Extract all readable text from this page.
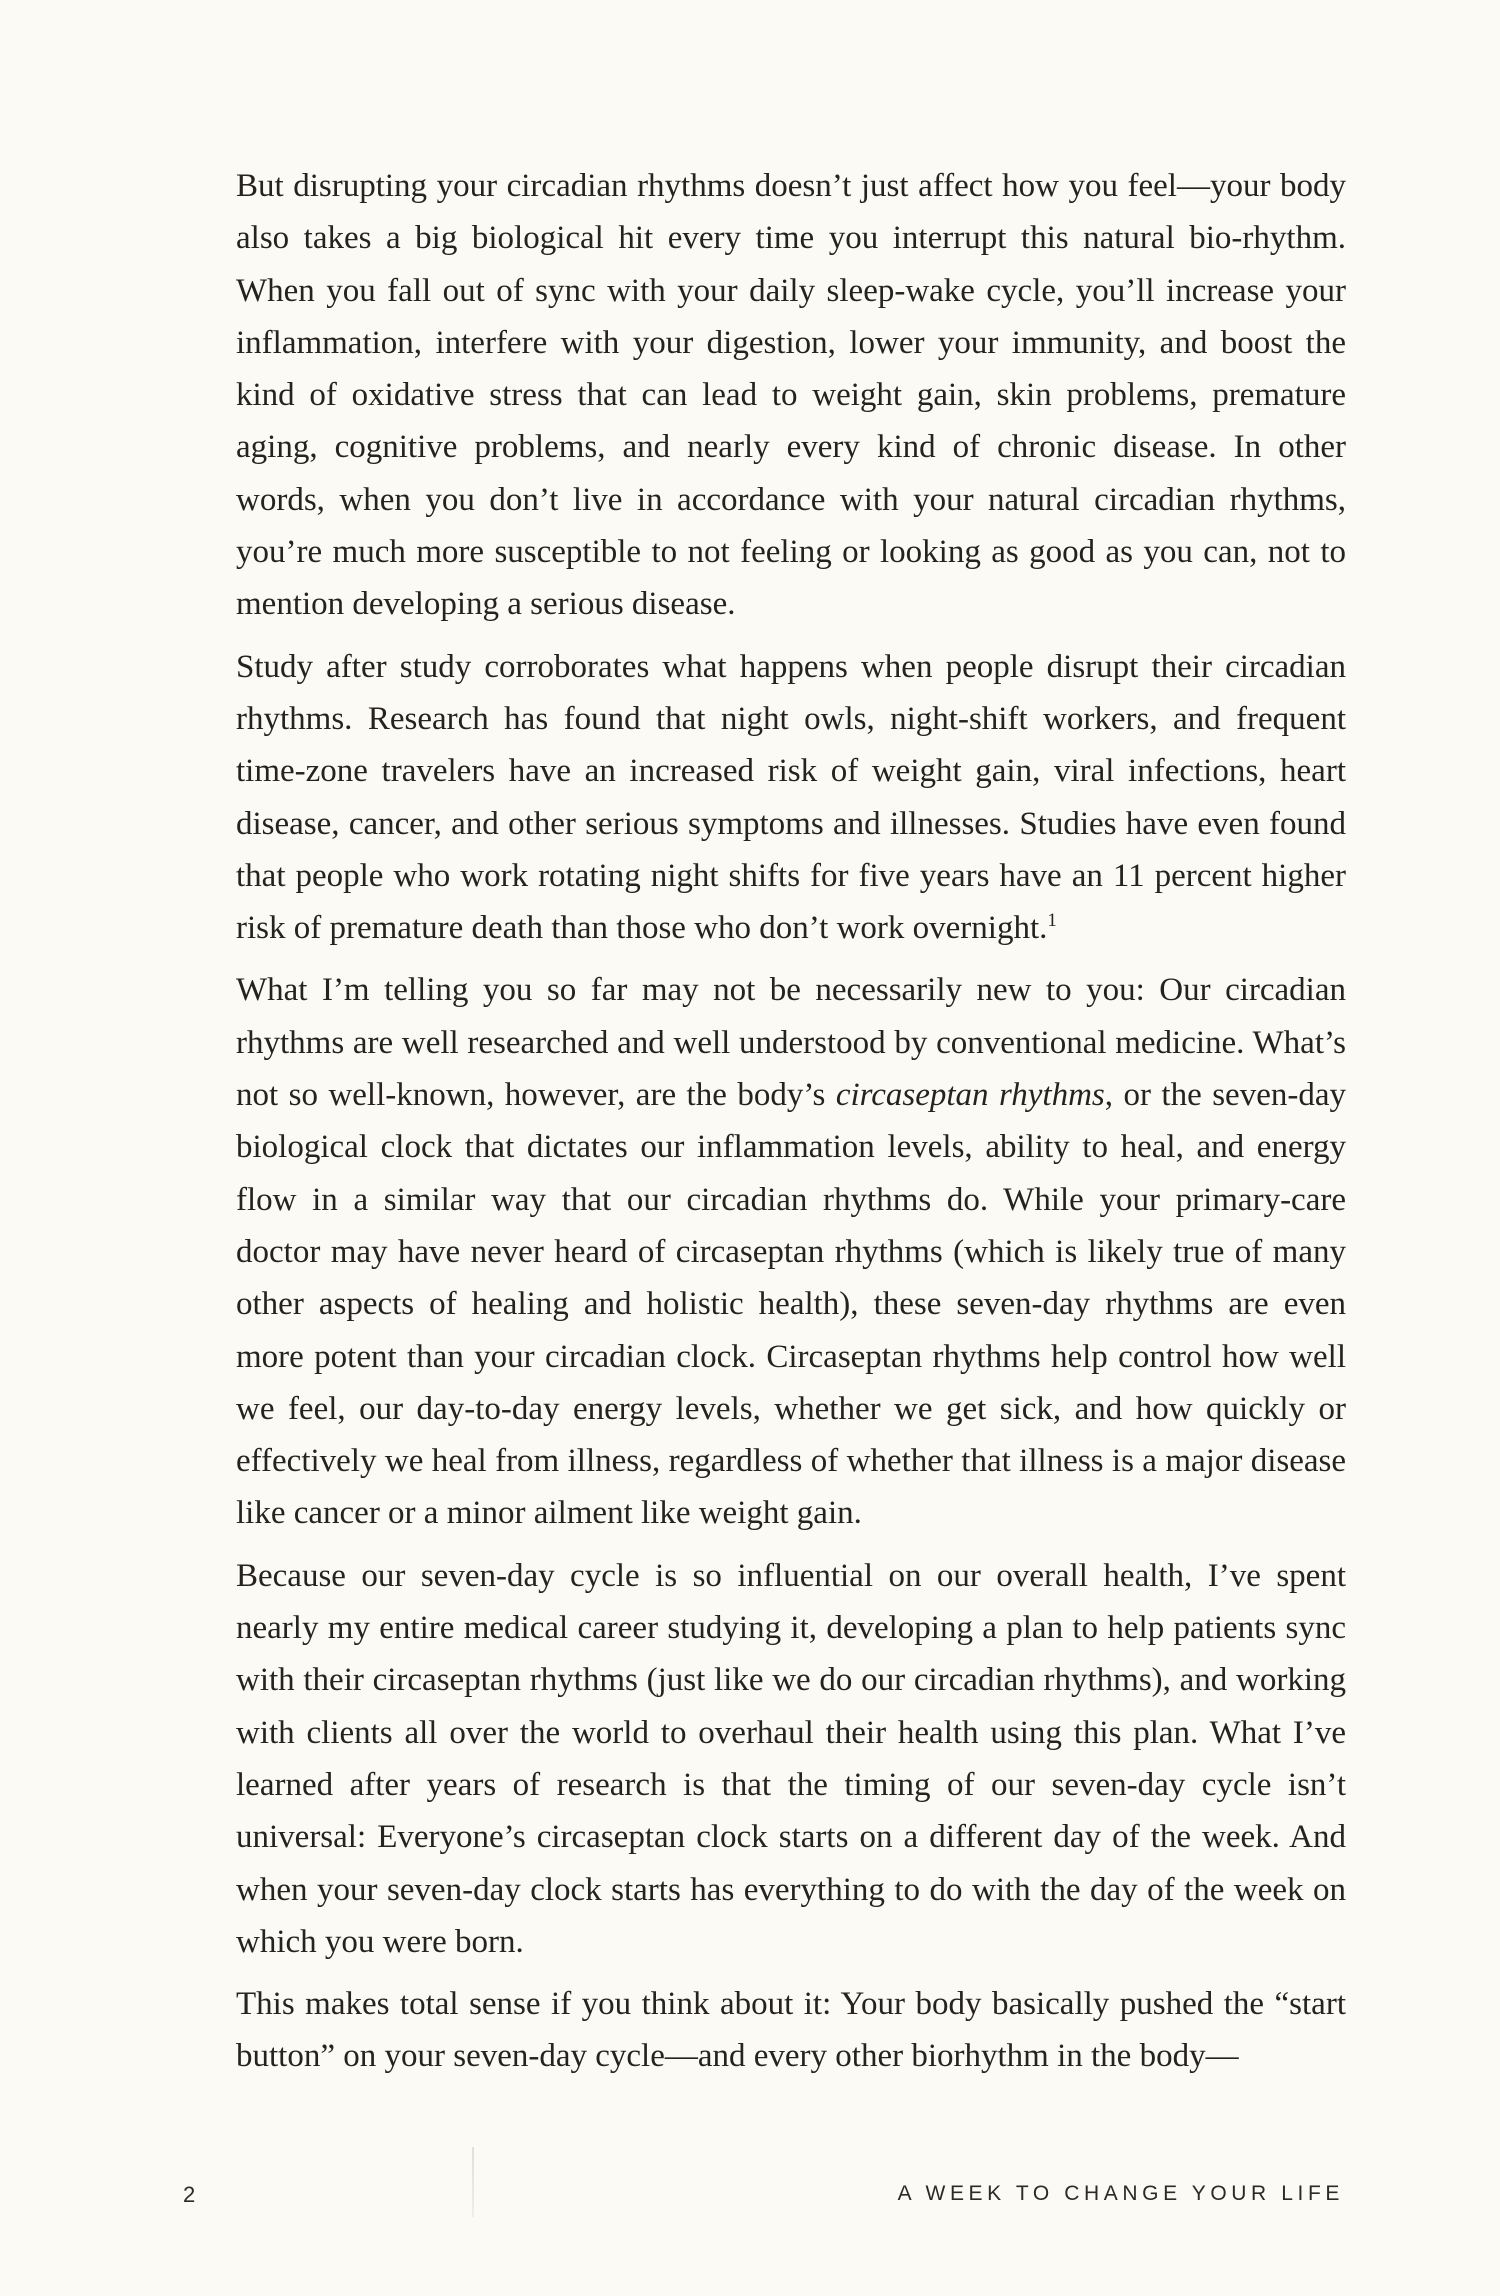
But disrupting your circadian rhythms doesn’t just affect how you feel—your body also takes a big biological hit every time you interrupt this natural bio-rhythm. When you fall out of sync with your daily sleep-wake cycle, you’ll increase your inflammation, interfere with your digestion, lower your immunity, and boost the kind of oxidative stress that can lead to weight gain, skin problems, premature aging, cognitive problems, and nearly every kind of chronic disease. In other words, when you don’t live in accordance with your natural circadian rhythms, you’re much more susceptible to not feeling or looking as good as you can, not to mention developing a serious disease.

Study after study corroborates what happens when people disrupt their circadian rhythms. Research has found that night owls, night-shift workers, and frequent time-zone travelers have an increased risk of weight gain, viral infections, heart disease, cancer, and other serious symptoms and illnesses. Studies have even found that people who work rotating night shifts for five years have an 11 percent higher risk of premature death than those who don’t work overnight.$^1$

What I’m telling you so far may not be necessarily new to you: Our circadian rhythms are well researched and well understood by conventional medicine. What’s not so well-known, however, are the body’s circaseptan rhythms, or the seven-day biological clock that dictates our inflammation levels, ability to heal, and energy flow in a similar way that our circadian rhythms do. While your primary-care doctor may have never heard of circaseptan rhythms (which is likely true of many other aspects of healing and holistic health), these seven-day rhythms are even more potent than your circadian clock. Circaseptan rhythms help control how well we feel, our day-to-day energy levels, whether we get sick, and how quickly or effectively we heal from illness, regardless of whether that illness is a major disease like cancer or a minor ailment like weight gain.

Because our seven-day cycle is so influential on our overall health, I’ve spent nearly my entire medical career studying it, developing a plan to help patients sync with their circaseptan rhythms (just like we do our circadian rhythms), and working with clients all over the world to overhaul their health using this plan. What I’ve learned after years of research is that the timing of our seven-day cycle isn’t universal: Everyone’s circaseptan clock starts on a different day of the week. And when your seven-day clock starts has everything to do with the day of the week on which you were born.

This makes total sense if you think about it: Your body basically pushed the “start button” on your seven-day cycle—and every other biorhythm in the body—

2	A WEEK TO CHANGE YOUR LIFE
